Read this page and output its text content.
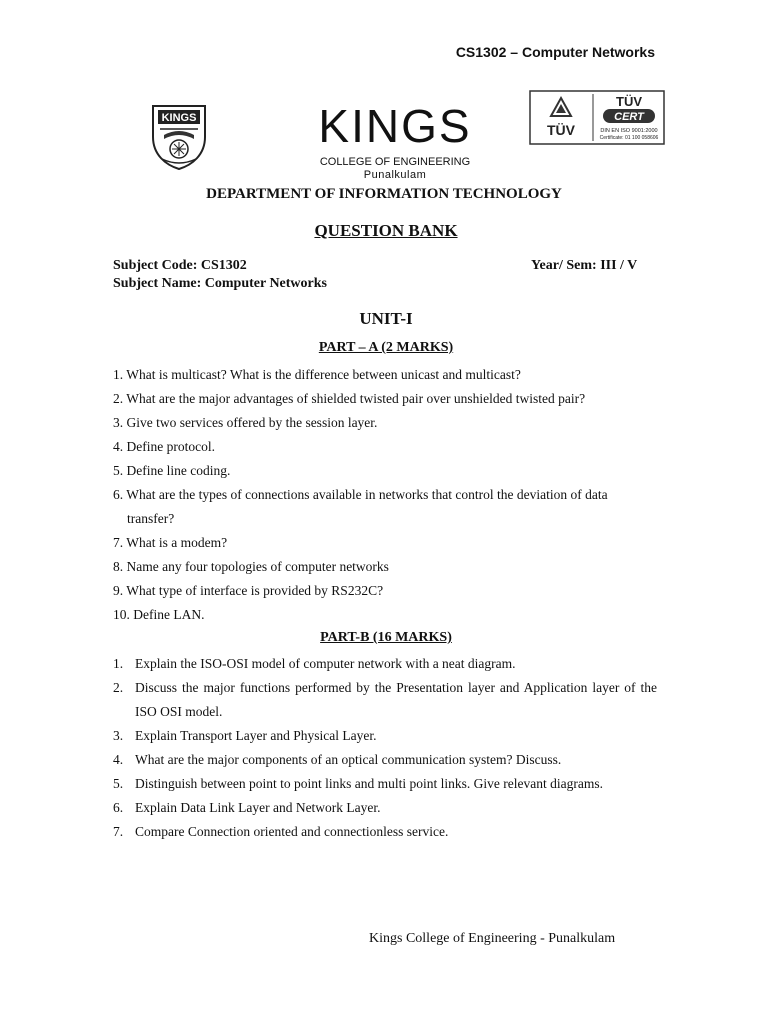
CS1302 – Computer Networks
KINGS	KINGS
COLLEGE OF ENGINEERING
Punalkulam
TÜV
TÜV
CERT
DIN EN ISO 9001:2000
Certificate: 01 100 058606
DEPARTMENT OF INFORMATION TECHNOLOGY
QUESTION BANK
Subject Code: CS1302
Subject Name: Computer Networks
Year/ Sem: III / V
UNIT-I
PART – A (2 MARKS)
1. What is multicast? What is the difference between unicast and multicast?
2. What are the major advantages of shielded twisted pair over unshielded twisted pair?
3. Give two services offered by the session layer.
4. Define protocol.
5. Define line coding.
6. What are the types of connections available in networks that control the deviation of data
transfer?
7. What is a modem?
8. Name any four topologies of computer networks
9. What type of interface is provided by RS232C?
10. Define LAN.
PART-B (16 MARKS)
1. Explain the ISO-OSI model of computer network with a neat diagram.
2. Discuss the major functions performed by the Presentation layer and Application layer of the ISO OSI model.
3. Explain Transport Layer and Physical Layer.
4. What are the major components of an optical communication system? Discuss.
5. Distinguish between point to point links and multi point links. Give relevant diagrams.
6. Explain Data Link Layer and Network Layer.
7. Compare Connection oriented and connectionless service.
Kings College of Engineering - Punalkulam
